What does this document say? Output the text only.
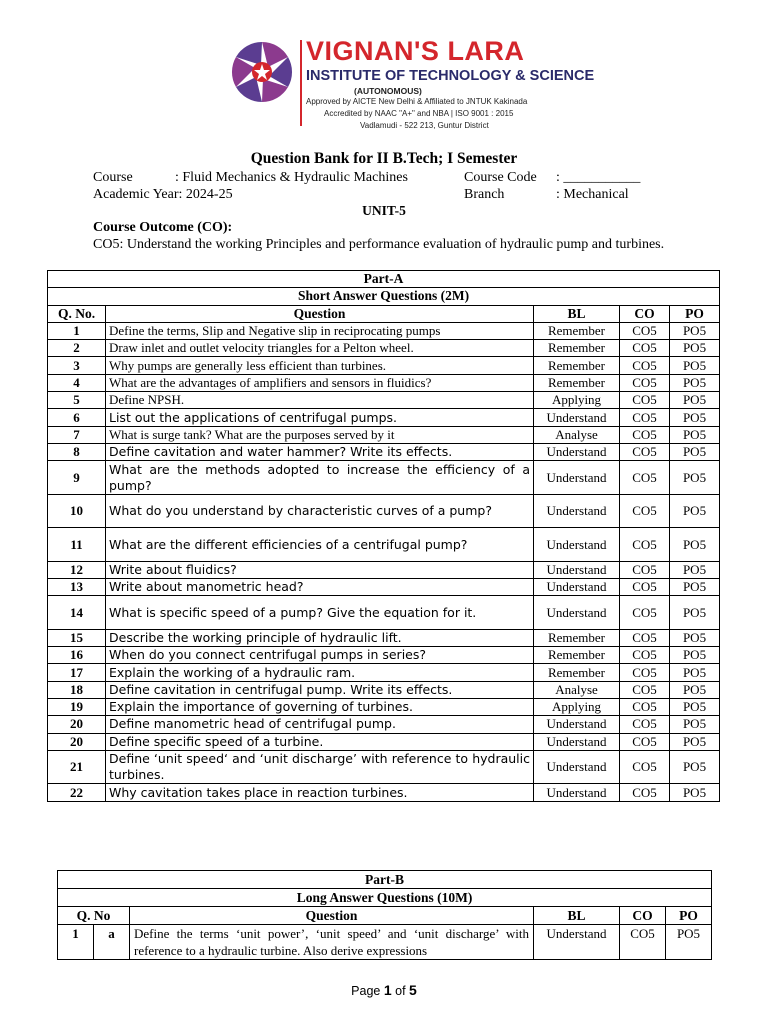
VIGNAN'S LARA
INSTITUTE OF TECHNOLOGY & SCIENCE
(AUTONOMOUS)
Approved by AICTE New Delhi & Affiliated to JNTUK Kakinada
Accredited by NAAC "A+" and NBA | ISO 9001 : 2015
Vadlamudi - 522 213, Guntur District
Question Bank for II B.Tech; I Semester
Course	: Fluid Mechanics & Hydraulic Machines	Course Code : ___________
Academic Year: 2024-25	Branch	: Mechanical
UNIT-5
Course Outcome (CO):
CO5: Understand the working Principles and performance evaluation of hydraulic pump and turbines.
Part-A				
Short Answer Questions (2M)				
Q. No.	Question	BL	CO	PO
1	Define the terms, Slip and Negative slip in reciprocating pumps	Remember	CO5	PO5
2	Draw inlet and outlet velocity triangles for a Pelton wheel.	Remember	CO5	PO5
3	Why pumps are generally less efficient than turbines.	Remember	CO5	PO5
4	What are the advantages of amplifiers and sensors in fluidics?	Remember	CO5	PO5
5	Define NPSH.	Applying	CO5	PO5
6	List out the applications of centrifugal pumps.	Understand	CO5	PO5
7	What is surge tank? What are the purposes served by it	Analyse	CO5	PO5
8	Define cavitation and water hammer? Write its effects.	Understand	CO5	PO5
9	What are the methods adopted to increase the efficiency of a pump?	Understand	CO5	PO5
10	What do you understand by characteristic curves of a pump?	Understand	CO5	PO5
11	What are the different efficiencies of a centrifugal pump?	Understand	CO5	PO5
12	Write about fluidics?	Understand	CO5	PO5
13	Write about manometric head?	Understand	CO5	PO5
14	What is specific speed of a pump? Give the equation for it.	Understand	CO5	PO5
15	Describe the working principle of hydraulic lift.	Remember	CO5	PO5
16	When do you connect centrifugal pumps in series?	Remember	CO5	PO5
17	Explain the working of a hydraulic ram.	Remember	CO5	PO5
18	Define cavitation in centrifugal pump. Write its effects.	Analyse	CO5	PO5
19	Explain the importance of governing of turbines.	Applying	CO5	PO5
20	Define manometric head of centrifugal pump.	Understand	CO5	PO5
20	Define specific speed of a turbine.	Understand	CO5	PO5
21	Define ‘unit speed‘ and ‘unit discharge’ with reference to hydraulic turbines.	Understand	CO5	PO5
22	Why cavitation takes place in reaction turbines.	Understand	CO5	PO5
Part-B					
Long Answer Questions (10M)					
Q. No		Question	BL	CO	PO
1	a	Define the terms ‘unit power’, ‘unit speed’ and ‘unit discharge’ with reference to a hydraulic turbine. Also derive expressions	Understand	CO5	PO5
Page 1 of 5
